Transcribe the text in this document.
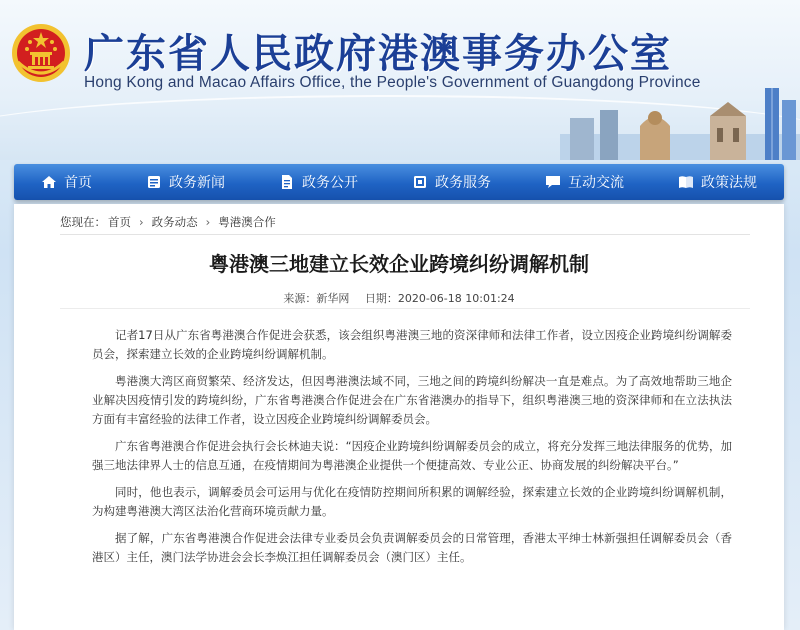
广东省人民政府港澳事务办公室
Hong Kong and Macao Affairs Office, the People's Government of Guangdong Province
首页	政务新闻	政务公开	政务服务	互动交流	政策法规
您现在： 首页 › 政务动态 › 粤港澳合作
粤港澳三地建立长效企业跨境纠纷调解机制
来源：新华网 日期：2020-06-18 10:01:24

记者17日从广东省粤港澳合作促进会获悉，该会组织粤港澳三地的资深律师和法律工作者，设立因疫企业跨境纠纷调解委员会，探索建立长效的企业跨境纠纷调解机制。

粤港澳大湾区商贸繁荣、经济发达，但因粤港澳法域不同，三地之间的跨境纠纷解决一直是难点。为了高效地帮助三地企业解决因疫情引发的跨境纠纷，广东省粤港澳合作促进会在广东省港澳办的指导下，组织粤港澳三地的资深律师和在立法执法方面有丰富经验的法律工作者，设立因疫企业跨境纠纷调解委员会。

广东省粤港澳合作促进会执行会长林迪夫说：“因疫企业跨境纠纷调解委员会的成立，将充分发挥三地法律服务的优势，加强三地法律界人士的信息互通，在疫情期间为粤港澳企业提供一个便捷高效、专业公正、协商发展的纠纷解决平台。”

同时，他也表示，调解委员会可运用与优化在疫情防控期间所积累的调解经验，探索建立长效的企业跨境纠纷调解机制，为构建粤港澳大湾区法治化营商环境贡献力量。

据了解，广东省粤港澳合作促进会法律专业委员会负责调解委员会的日常管理，香港太平绅士林新强担任调解委员会（香港区）主任，澳门法学协进会会长李焕江担任调解委员会（澳门区）主任。
